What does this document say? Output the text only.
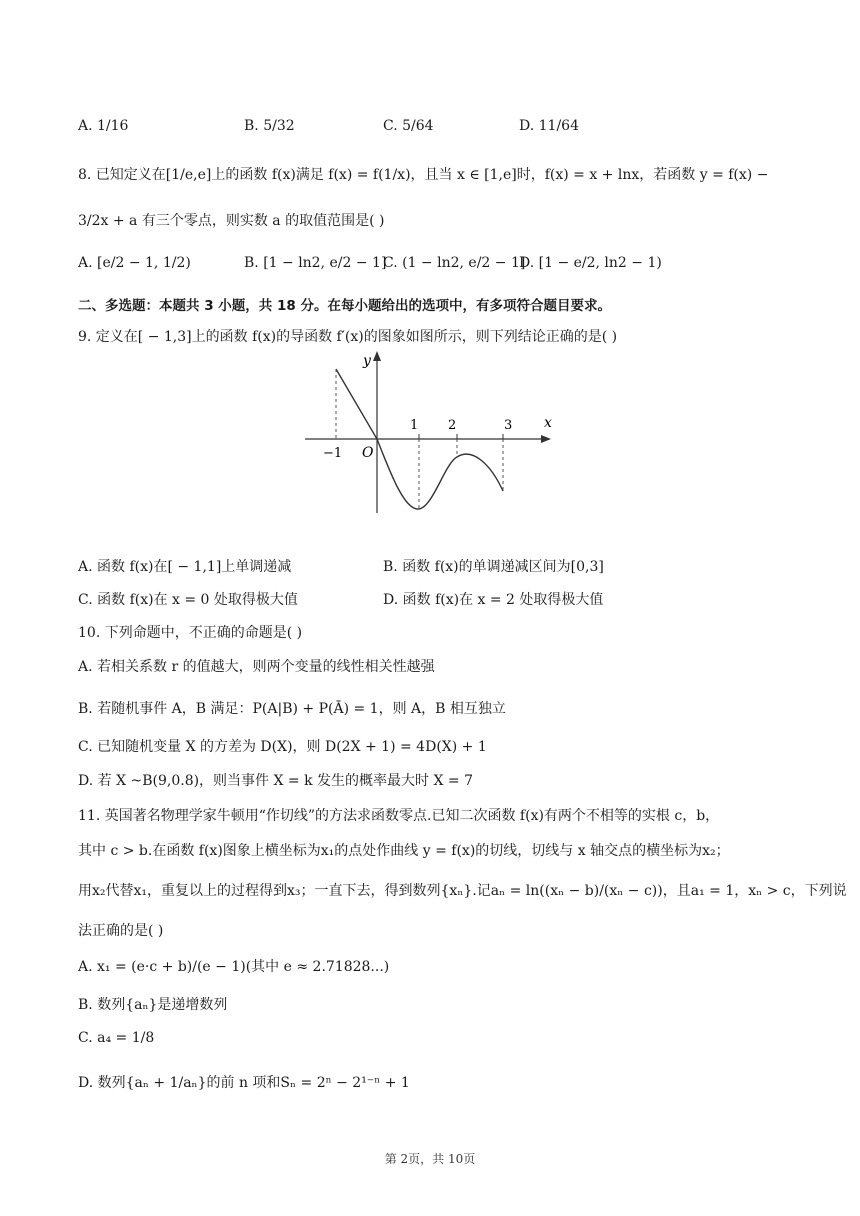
A. 1/16	B. 5/32	C. 5/64	D. 11/64
8. 已知定义在[1/e,e]上的函数 f(x)满足 f(x) = f(1/x)，且当 x ∈ [1,e]时，f(x) = x + lnx，若函数 y = f(x) −
3/2x + a 有三个零点，则实数 a 的取值范围是( )
A. [e/2 − 1, 1/2)	B. [1 − ln2, e/2 − 1]
C. (1 − ln2, e/2 − 1]
D. [1 − e/2, ln2 − 1)
二、多选题：本题共 3 小题，共 18 分。在每小题给出的选项中，有多项符合题目要求。
9. 定义在[ − 1,3]上的函数 f(x)的导函数 f′(x)的图象如图所示，则下列结论正确的是( )
y
x
O
−1
1 2	3
A. 函数 f(x)在[ − 1,1]上单调递减	B. 函数 f(x)的单调递减区间为[0,3]
C. 函数 f(x)在 x = 0 处取得极大值	D. 函数 f(x)在 x = 2 处取得极大值
10. 下列命题中，不正确的命题是( )
A. 若相关系数 r 的值越大，则两个变量的线性相关性越强
B. 若随机事件 A，B 满足：P(A|B) + P(Ā) = 1，则 A，B 相互独立
C. 已知随机变量 X 的方差为 D(X)，则 D(2X + 1) = 4D(X) + 1
D. 若 X ~B(9,0.8)，则当事件 X = k 发生的概率最大时 X = 7
11. 英国著名物理学家牛顿用“作切线”的方法求函数零点.已知二次函数 f(x)有两个不相等的实根 c，b，
其中 c > b.在函数 f(x)图象上横坐标为x₁的点处作曲线 y = f(x)的切线，切线与 x 轴交点的横坐标为x₂；
用x₂代替x₁，重复以上的过程得到x₃；一直下去，得到数列{xₙ}.记aₙ = ln((xₙ − b)/(xₙ − c))，且a₁ = 1，xₙ > c，下列说
法正确的是( )
A. x₁ = (e·c + b)/(e − 1)(其中 e ≈ 2.71828...)
B. 数列{aₙ}是递增数列
C. a₄ = 1/8
D. 数列{aₙ + 1/aₙ}的前 n 项和Sₙ = 2ⁿ − 2¹⁻ⁿ + 1
第 2页，共 10页
